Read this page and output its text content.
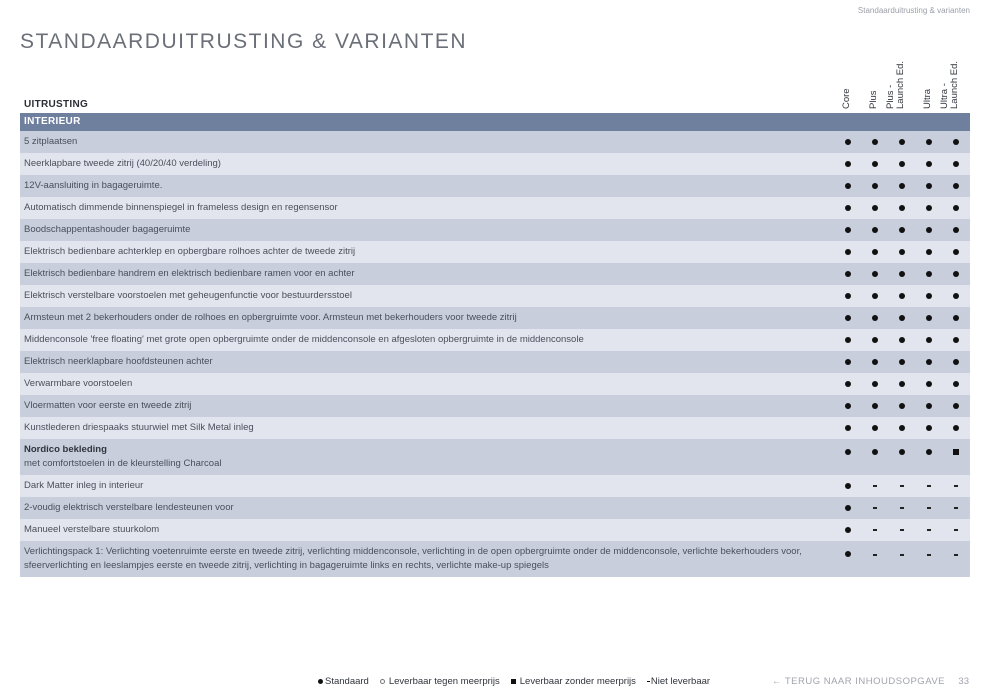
Standaarduitrusting & varianten
STANDAARDUITRUSTING & VARIANTEN
UITRUSTING	Core Plus Plus -
Launch Ed.
Ultra Ultra -
Launch Ed.
INTERIEUR
5 zitplaatsen
Neerklapbare tweede zitrij (40/20/40 verdeling)
12V-aansluiting in bagageruimte.
Automatisch dimmende binnenspiegel in frameless design en regensensor
Boodschappentashouder bagageruimte
Elektrisch bedienbare achterklep en opbergbare rolhoes achter de tweede zitrij
Elektrisch bedienbare handrem en elektrisch bedienbare ramen voor en achter
Elektrisch verstelbare voorstoelen met geheugenfunctie voor bestuurdersstoel
Armsteun met 2 bekerhouders onder de rolhoes en opbergruimte voor. Armsteun met bekerhouders voor tweede zitrij
Middenconsole 'free floating' met grote open opbergruimte onder de middenconsole en afgesloten opbergruimte in de middenconsole
Elektrisch neerklapbare hoofdsteunen achter
Verwarmbare voorstoelen
Vloermatten voor eerste en tweede zitrij
Kunstlederen driespaaks stuurwiel met Silk Metal inleg
Nordico bekleding
met comfortstoelen in de kleurstelling Charcoal
Dark Matter inleg in interieur
2-voudig elektrisch verstelbare lendesteunen voor
Manueel verstelbare stuurkolom
Verlichtingspack 1: Verlichting voetenruimte eerste en tweede zitrij, verlichting middenconsole, verlichting in de open opbergruimte onder de middenconsole, verlichte bekerhouders voor, sfeerverlichting en leeslampjes eerste en tweede zitrij, verlichting in bagageruimte links en rechts, verlichte make-up spiegels
Standaard Leverbaar tegen meerprijs Leverbaar zonder meerprijs Niet leverbaar	← TERUG NAAR INHOUDSOPGAVE 33
